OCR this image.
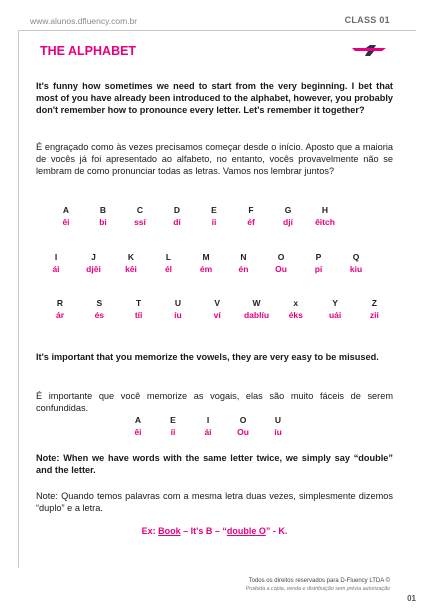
www.alunos.dfluency.com.br	CLASS 01
THE ALPHABET
It's funny how sometimes we need to start from the very beginning. I bet that most of you have already been introduced to the alphabet, however, you probably don't remember how to pronounce every letter. Let's remember it together?
É engraçado como às vezes precisamos começar desde o início. Aposto que a maioria de vocês já foi apresentado ao alfabeto, no entanto, vocês provavelmente não se lembram de como pronunciar todas as letras. Vamos nos lembrar juntos?
A
êi
B
bi
C
ssí
D
dí
E
íi
F
éf
G
djí
H
êitch
I
ái
J
djêi
K
kêi
L
él
M
ém
N
én
O
Ou
P
pí
Q
kiu
R
ár
S
és
T
tíi
U
íu
V
ví
W
dablíu
x
éks
Y
uái
Z
zii
It's important that you memorize the vowels, they are very easy to be misused.
É importante que você memorize as vogais, elas são muito fáceis de serem confundidas.
A
êi
E
íi
I
ái
O
Ou
U
íu
Note: When we have words with the same letter twice, we simply say “double” and the letter.
Note: Quando temos palavras com a mesma letra duas vezes, simplesmente dizemos “duplo” e a letra.
Ex: Book – It's B – “double O” - K.
Todos os direitos reservados para D-Fluency LTDA ©
Proibida a cópia, venda e distribuição sem prévia autorização
01
